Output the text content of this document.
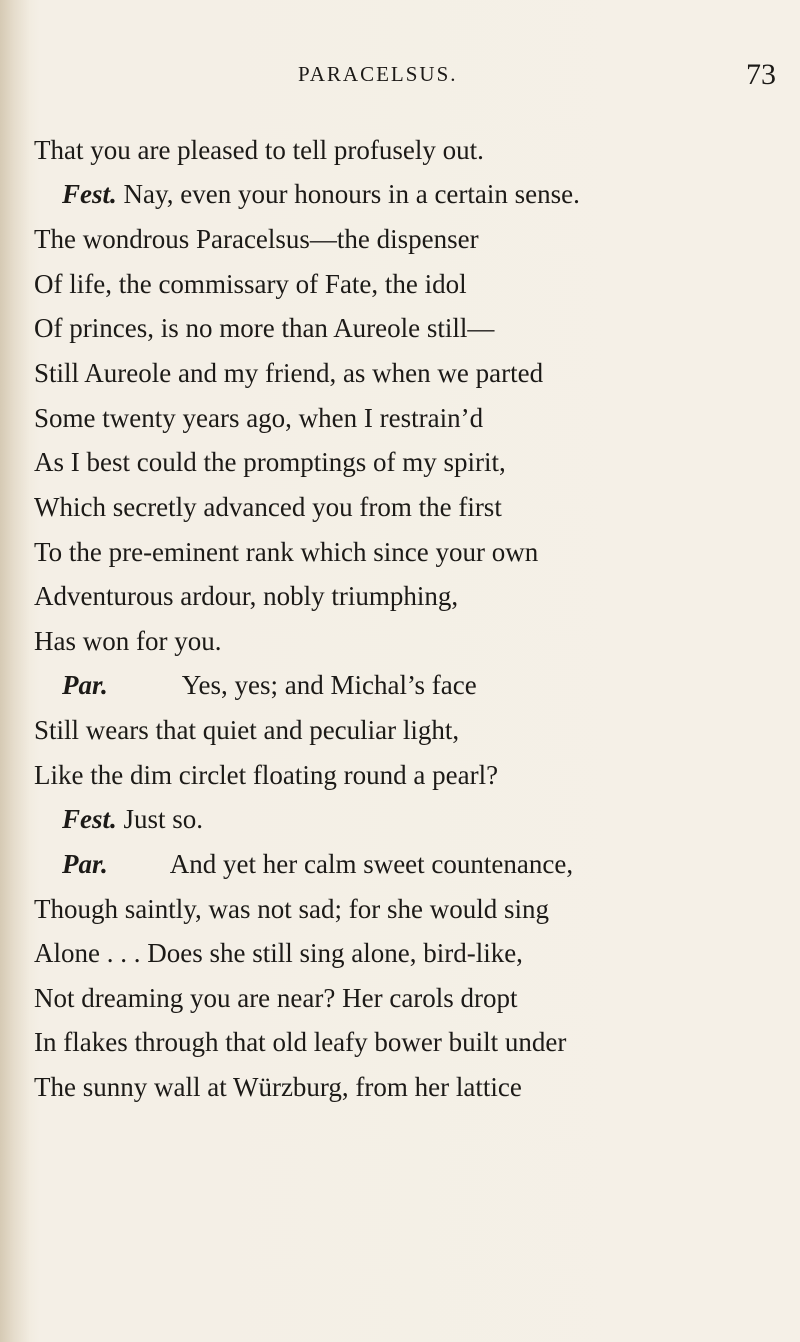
PARACELSUS.	73
That you are pleased to tell profusely out.
Fest. Nay, even your honours in a certain sense.
The wondrous Paracelsus—the dispenser
Of life, the commissary of Fate, the idol
Of princes, is no more than Aureole still—
Still Aureole and my friend, as when we parted
Some twenty years ago, when I restrain’d
As I best could the promptings of my spirit,
Which secretly advanced you from the first
To the pre-eminent rank which since your own
Adventurous ardour, nobly triumphing,
Has won for you.
Par.	Yes, yes; and Michal’s face
Still wears that quiet and peculiar light,
Like the dim circlet floating round a pearl?
Fest. Just so.
Par. And yet her calm sweet countenance,
Though saintly, was not sad; for she would sing
Alone . . . Does she still sing alone, bird-like,
Not dreaming you are near? Her carols dropt
In flakes through that old leafy bower built under
The sunny wall at Würzburg, from her lattice
